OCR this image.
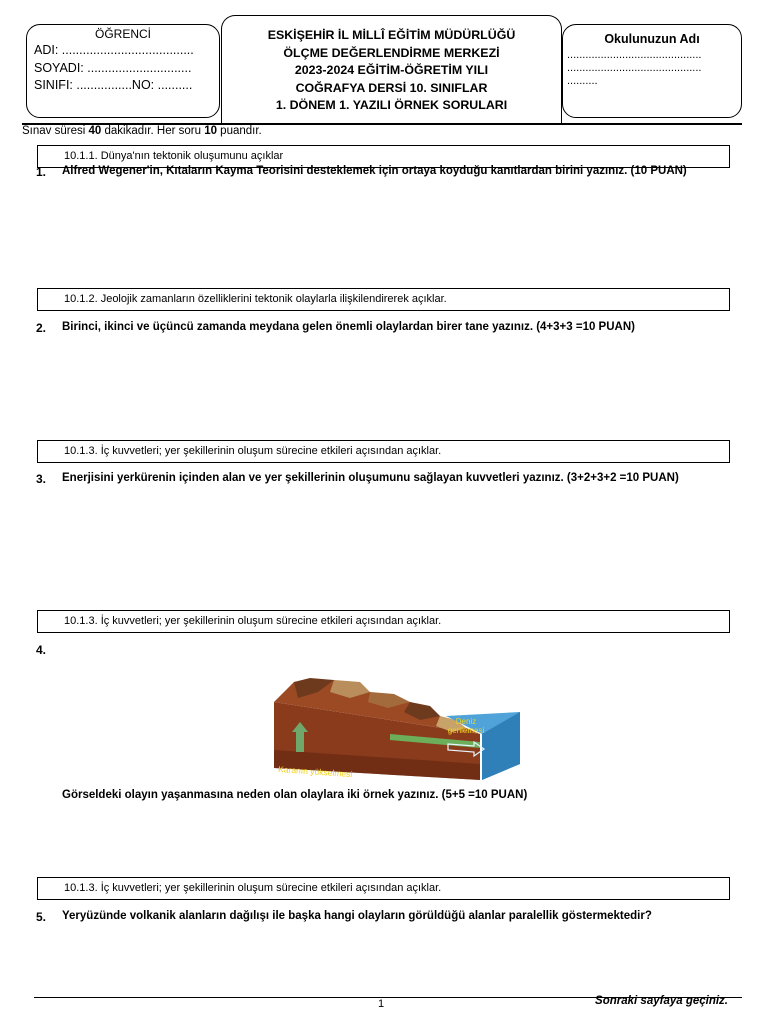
ÖĞRENCİ
ADI: ......................................
SOYADI: ..............................
SINIFI: ................NO: ..........
ESKİŞEHİR İL MİLLÎ EĞİTİM MÜDÜRLÜĞÜ
ÖLÇME DEĞERLENDİRME MERKEZİ
2023-2024 EĞİTİM-ÖĞRETİM YILI
COĞRAFYA DERSİ 10. SINIFLAR
1. DÖNEM 1. YAZILI ÖRNEK SORULARI
Okulunuzun Adı
............................................
............................................
..........
Sınav süresi 40 dakikadır. Her soru 10 puandır.
10.1.1. Dünya'nın tektonik oluşumunu açıklar
1. Alfred Wegener'in, Kıtaların Kayma Teorisini desteklemek için ortaya koyduğu kanıtlardan birini yazınız. (10 PUAN)
10.1.2. Jeolojik zamanların özelliklerini tektonik olaylarla ilişkilendirerek açıklar.
2. Birinci, ikinci ve üçüncü zamanda meydana gelen önemli olaylardan birer tane yazınız. (4+3+3 =10 PUAN)
10.1.3. İç kuvvetleri; yer şekillerinin oluşum sürecine etkileri açısından açıklar.
3. Enerjisini yerkürenin içinden alan ve yer şekillerinin oluşumunu sağlayan kuvvetleri yazınız. (3+2+3+2 =10 PUAN)
10.1.3. İç kuvvetleri; yer şekillerinin oluşum sürecine etkileri açısından açıklar.
4.
Deniz
gerilemesi
Karanın yükselmesi
Görseldeki olayın yaşanmasına neden olan olaylara iki örnek yazınız. (5+5 =10 PUAN)
10.1.3. İç kuvvetleri; yer şekillerinin oluşum sürecine etkileri açısından açıklar.
5. Yeryüzünde volkanik alanların dağılışı ile başka hangi olayların görüldüğü alanlar paralellik göstermektedir?
1	Sonraki sayfaya geçiniz.
